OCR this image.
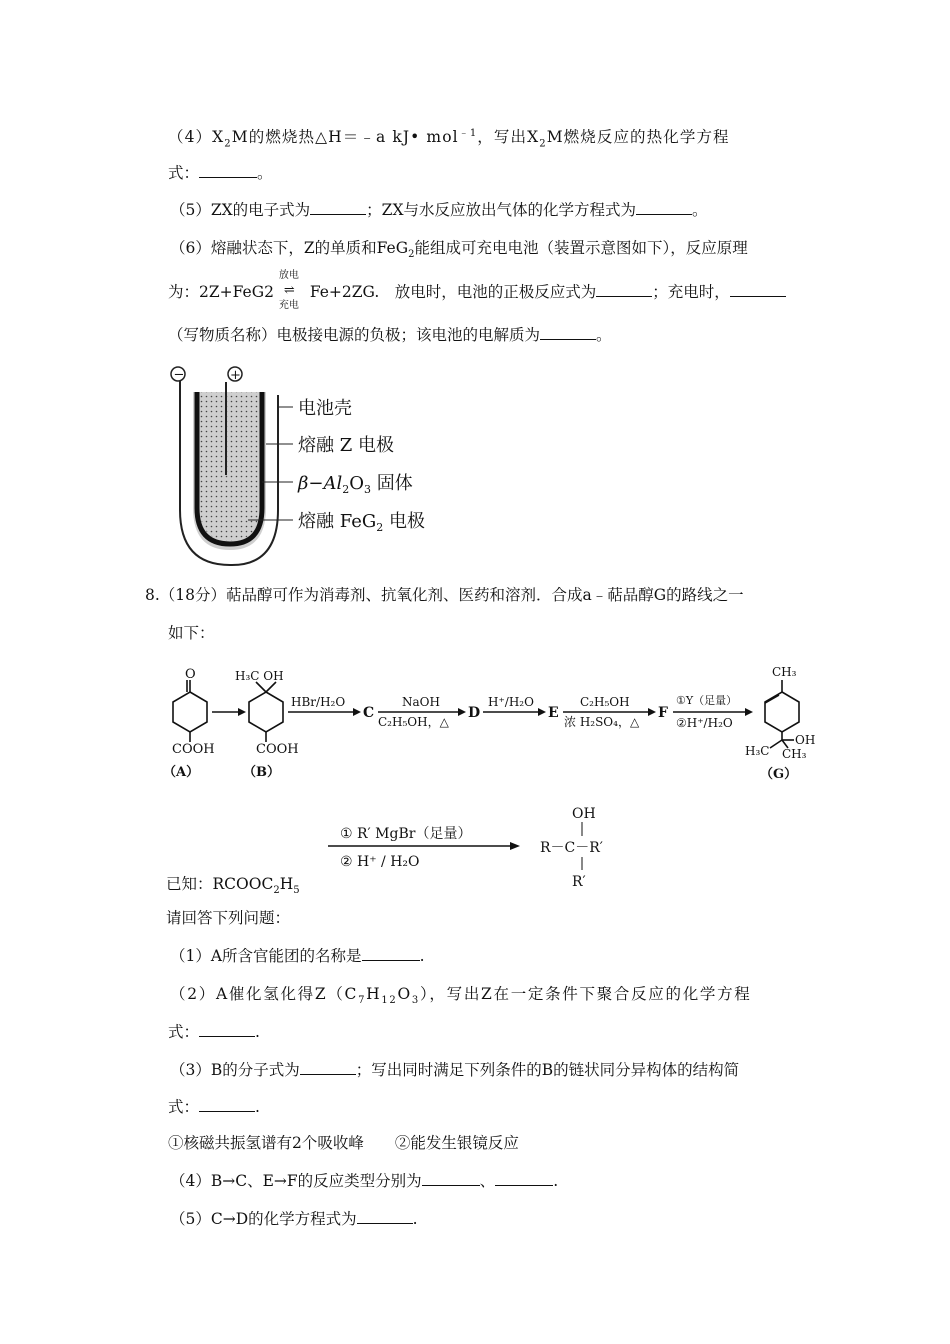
$(4)X_2M$的燃烧热△H＝﹣a kJ• mol$^{﹣1}$，写出$X_2M$燃烧反应的热化学方程
式：	。
（5）ZX的电子式为	；ZX与水反应放出气体的化学方程式为	。
（6）熔融状态下，Z的单质和FeG$_2$能组成可充电电池（装置示意图如下），反应原理
为：2Z+FeG2
放电
⇌
充电
Fe+2ZG.　放电时，电池的正极反应式为	；充电时，
（写物质名称）电极接电源的负极；该电池的电解质为	。
−	+
电池壳
熔融 Z 电极
$\beta-Al_2O_3$ 固体
熔融 FeG$_2$ 电极
8.（18分）萜品醇可作为消毒剂、抗氧化剂、医药和溶剂．合成a﹣萜品醇G的路线之一
如下：
O
COOH
（A）
H₃C OH
COOH
（B）
HBr/H₂O
C
NaOH
C₂H₅OH，△
D
H⁺/H₂O
E
C₂H₅OH
浓 H₂SO₄，△
F
①Y（足量）
②H⁺/H₂O
CH₃
H₃C
OH
CH₃
（G）
① R′ MgBr（足量）
② H⁺ / H₂O
OH
R－C－R′
R′
已知：$RCOOC_2H_5$
请回答下列问题：
（1）A所含官能团的名称是	.
（2）A催化氢化得$Z(C_7H_{12}O_3)$，写出Z在一定条件下聚合反应的化学方程
式：	.
（3）B的分子式为	；写出同时满足下列条件的B的链状同分异构体的结构简
式：	.
①核磁共振氢谱有2个吸收峰　　②能发生银镜反应
（4）B→C、E→F的反应类型分别为	、	.
（5）C→D的化学方程式为	.
